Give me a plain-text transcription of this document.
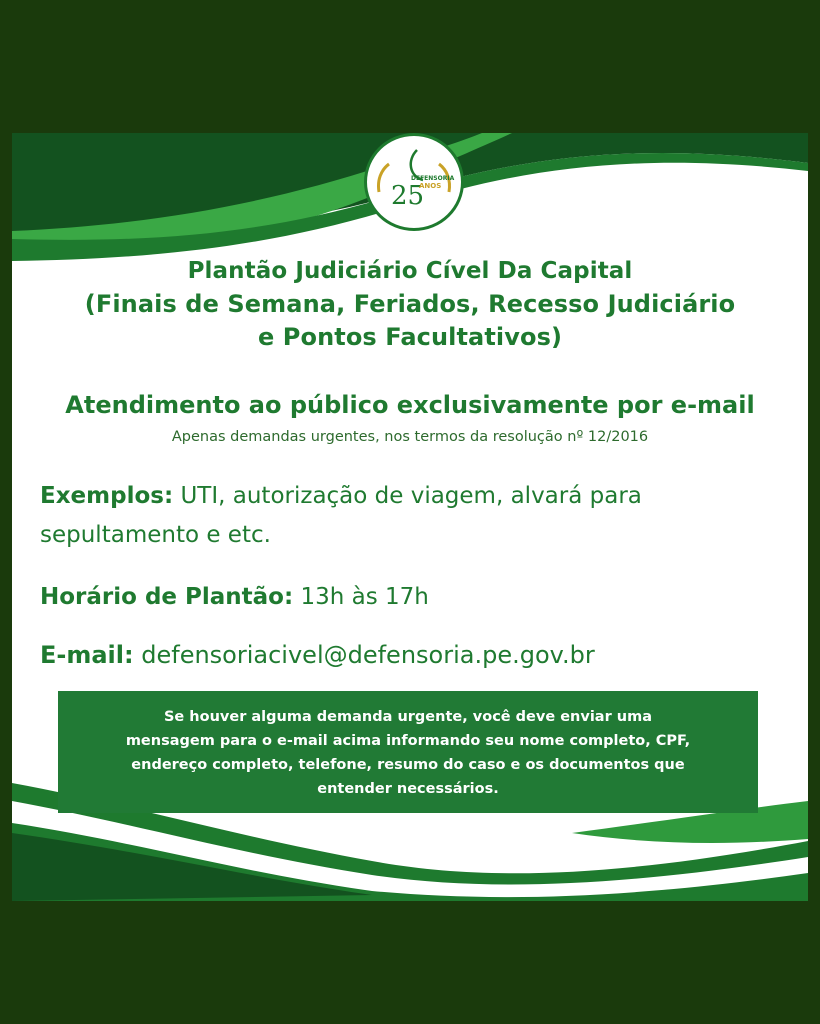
25
DEFENSORIA
ANOS
Plantão Judiciário Cível Da Capital
(Finais de Semana, Feriados, Recesso Judiciário
e Pontos Facultativos)
Atendimento ao público exclusivamente por e-mail
Apenas demandas urgentes, nos termos da resolução nº 12/2016
Exemplos: UTI, autorização de viagem, alvará para
sepultamento e etc.
Horário de Plantão: 13h às 17h
E-mail: defensoriacivel@defensoria.pe.gov.br
Se houver alguma demanda urgente, você deve enviar uma
mensagem para o e-mail acima informando seu nome completo, CPF,
endereço completo, telefone, resumo do caso e os documentos que
entender necessários.
